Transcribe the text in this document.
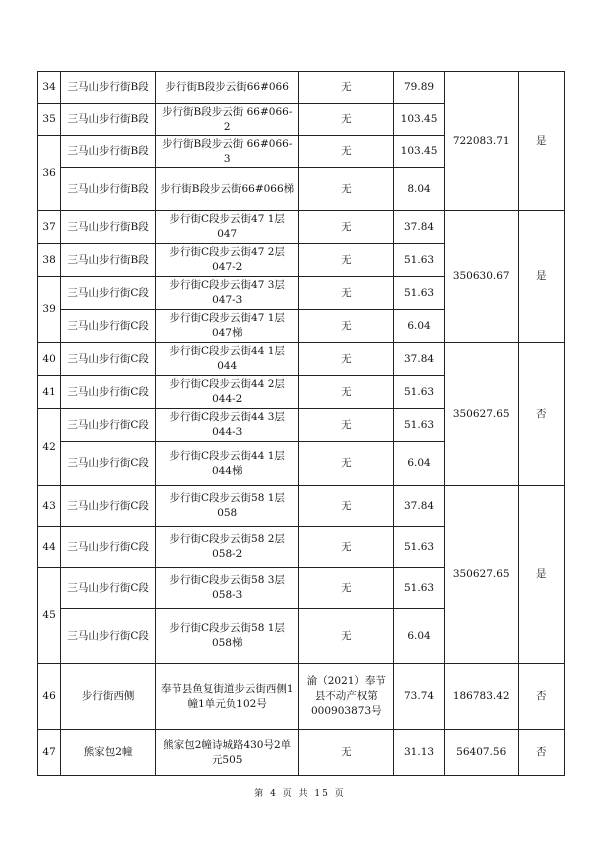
34	三马山步行街B段	步行街B段步云街66#066	无	79.89	722083.71	是
35	三马山步行街B段	步行街B段步云街 66#066-2	无	103.45		
36	三马山步行街B段	步行街B段步云街 66#066-3	无	103.45		
	三马山步行街B段	步行街B段步云街66#066梯	无	8.04		
37	三马山步行街B段	步行街C段步云街47 1层047	无	37.84	350630.67	是
38	三马山步行街B段	步行街C段步云街47 2层047-2	无	51.63		
39	三马山步行街C段	步行街C段步云街47 3层047-3	无	51.63		
	三马山步行街C段	步行街C段步云街47 1层047梯	无	6.04		
40	三马山步行街C段	步行街C段步云街44 1层044	无	37.84	350627.65	否
41	三马山步行街C段	步行街C段步云街44 2层044-2	无	51.63		
42	三马山步行街C段	步行街C段步云街44 3层044-3	无	51.63		
	三马山步行街C段	步行街C段步云街44 1层044梯	无	6.04		
43	三马山步行街C段	步行街C段步云街58 1层058	无	37.84	350627.65	是
44	三马山步行街C段	步行街C段步云街58 2层058-2	无	51.63		
45	三马山步行街C段	步行街C段步云街58 3层058-3	无	51.63		
	三马山步行街C段	步行街C段步云街58 1层058梯	无	6.04		
46	步行街西侧	奉节县鱼复街道步云街西侧1幢1单元负102号	渝（2021）奉节县不动产权第000903873号	73.74	186783.42	否
47	熊家包2幢	熊家包2幢诗城路430号2单元505	无	31.13	56407.56	否
第 4 页 共 15 页
